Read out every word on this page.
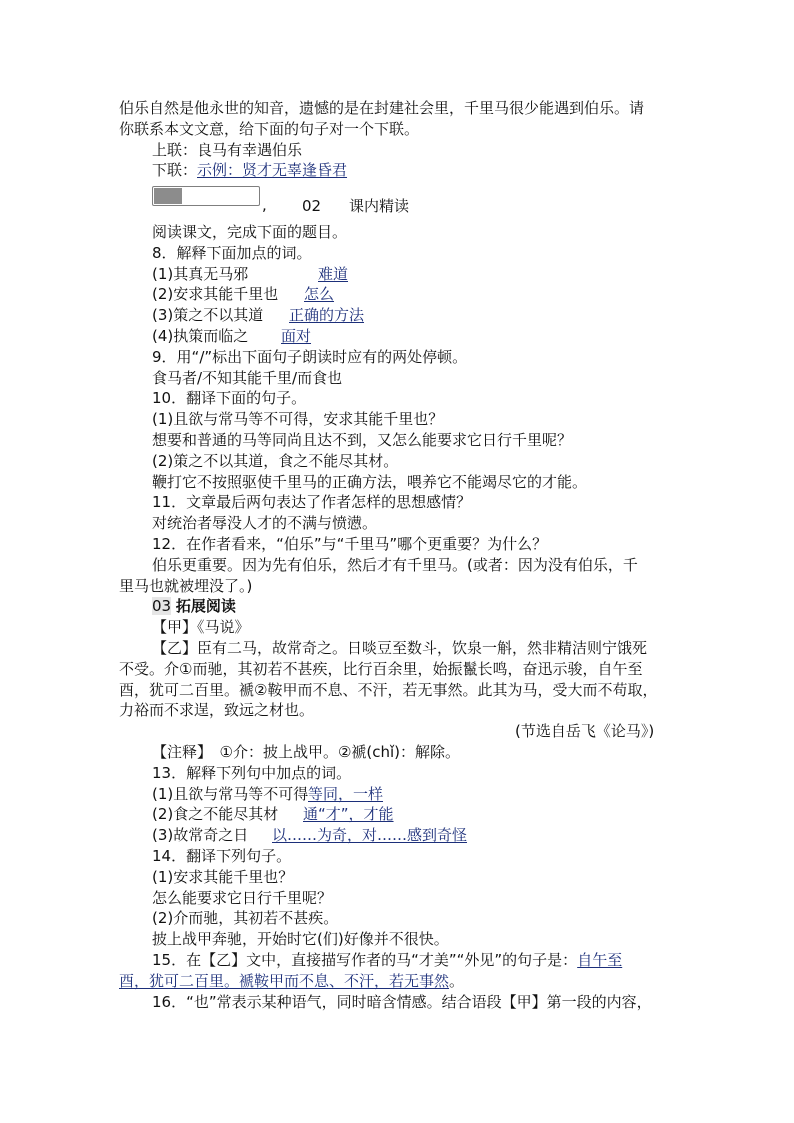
伯乐自然是他永世的知音，遗憾的是在封建社会里，千里马很少能遇到伯乐。请
你联系本文文意，给下面的句子对一个下联。
上联：良马有幸遇伯乐
下联：示例：贤才无辜逢昏君
, 02 课内精读
阅读课文，完成下面的题目。
8．解释下面加点的词。
(1)其真无马邪	难道
(2)安求其能千里也 怎么
(3)策之不以其道 正确的方法
(4)执策而临之 面对
9．用“/”标出下面句子朗读时应有的两处停顿。
食马者/不知其能千里/而食也
10．翻译下面的句子。
(1)且欲与常马等不可得，安求其能千里也？
想要和普通的马等同尚且达不到，又怎么能要求它日行千里呢？
(2)策之不以其道，食之不能尽其材。
鞭打它不按照驱使千里马的正确方法，喂养它不能竭尽它的才能。
11．文章最后两句表达了作者怎样的思想感情？
对统治者辱没人才的不满与愤懑。
12．在作者看来，“伯乐”与“千里马”哪个更重要？为什么？
伯乐更重要。因为先有伯乐，然后才有千里马。(或者：因为没有伯乐，千
里马也就被埋没了。)
03 拓展阅读
【甲】《马说》
【乙】臣有二马，故常奇之。日啖豆至数斗，饮泉一斛，然非精洁则宁饿死
不受。介①而驰，其初若不甚疾，比行百余里，始振鬣长鸣，奋迅示骏，自午至
酉，犹可二百里。褫②鞍甲而不息、不汗，若无事然。此其为马，受大而不苟取，
力裕而不求逞，致远之材也。
(节选自岳飞《论马》)
【注释】　①介：披上战甲。②褫(chǐ)：解除。
13．解释下列句中加点的词。
(1)且欲与常马等不可得 等同，一样
(2)食之不能尽其材 通“才”，才能
(3)故常奇之日 以……为奇，对……感到奇怪
14．翻译下列句子。
(1)安求其能千里也？
怎么能要求它日行千里呢？
(2)介而驰，其初若不甚疾。
披上战甲奔驰，开始时它(们)好像并不很快。
15．在【乙】文中，直接描写作者的马“才美”“外见”的句子是：自午至
酉，犹可二百里。褫鞍甲而不息、不汗，若无事然。
16．“也”常表示某种语气，同时暗含情感。结合语段【甲】第一段的内容，
